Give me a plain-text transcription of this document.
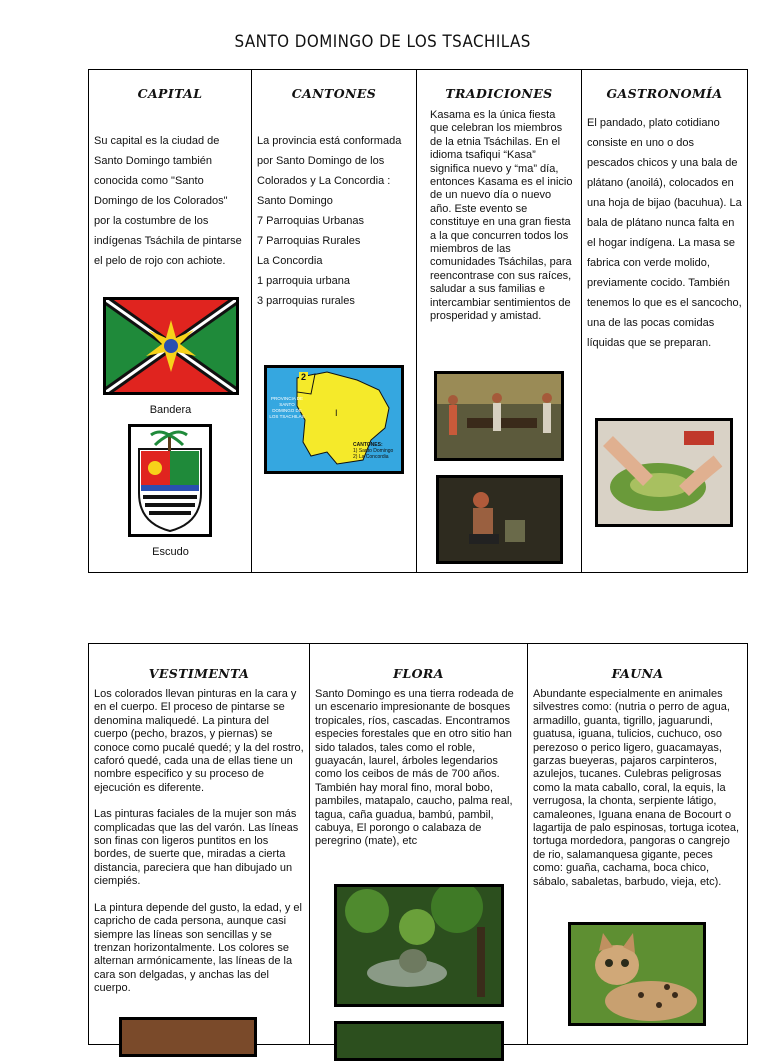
SANTO DOMINGO DE LOS TSACHILAS
CAPITAL
Su capital es la ciudad de Santo Domingo también conocida como "Santo Domingo de los Colorados" por la costumbre de los indígenas Tsáchila de pintarse el pelo de rojo con achiote.
Bandera
Escudo
CANTONES
La provincia está conformada por Santo Domingo de los Colorados y La Concordia :
Santo Domingo
7 Parroquias Urbanas
7 Parroquias Rurales
La Concordia
1 parroquia urbana
3 parroquias rurales
2
PROVINCIA DE SANTO DOMINGO DE LOS TSACHILAS	I
CANTONES:
1) Santo Domingo
2) La Concordia
TRADICIONES
Kasama es la única fiesta que celebran los miembros de la etnia Tsáchilas. En el idioma tsafiqui “Kasa” significa nuevo y “ma” día, entonces Kasama es el inicio de un nuevo día o nuevo año. Este evento se constituye en una gran fiesta a la que concurren todos los miembros de las comunidades Tsáchilas, para reencontrase con sus raíces, saludar a sus familias e intercambiar sentimientos de prosperidad y amistad.
GASTRONOMÍA
El pandado, plato cotidiano consiste en uno o dos pescados chicos y una bala de plátano (anoilá), colocados en una hoja de bijao (bacuhua). La bala de plátano nunca falta en el hogar indígena. La masa se fabrica con verde molido, previamente cocido. También tenemos lo que es el sancocho, una de las pocas comidas líquidas que se preparan.
VESTIMENTA
Los colorados llevan pinturas en la cara y en el cuerpo. El proceso de pintarse se denomina maliquedé. La pintura del cuerpo (pecho, brazos, y piernas) se conoce como pucalé quedé; y la del rostro, caforó quedé, cada una de ellas tiene un nombre especifico y su proceso de ejecución es diferente.
Las pinturas faciales de la mujer son más complicadas que las del varón. Las líneas son finas con ligeros puntitos en los bordes, de suerte que, miradas a cierta distancia, pareciera que han dibujado un ciempiés.
La pintura depende del gusto, la edad, y el capricho de cada persona, aunque casi siempre las líneas son sencillas y se trenzan horizontalmente. Los colores se alternan armónicamente, las líneas de la cara son delgadas, y anchas las del cuerpo.
FLORA
Santo Domingo es una tierra rodeada de un escenario impresionante de bosques tropicales, ríos, cascadas. Encontramos especies forestales que en otro sitio han sido talados, tales como el roble, guayacán, laurel, árboles legendarios como los ceibos de más de 700 años. También hay moral fino, moral bobo, pambiles, matapalo, caucho, palma real, tagua, caña guadua, bambú, pambil, cabuya, El porongo o calabaza de peregrino (mate), etc
FAUNA
Abundante especialmente en animales silvestres como: (nutria o perro de agua, armadillo, guanta, tigrillo, jaguarundi, guatusa, iguana, tulicios, cuchuco, oso perezoso o perico ligero, guacamayas, garzas bueyeras, pajaros carpinteros, azulejos, tucanes. Culebras peligrosas como la mata caballo, coral, la equis, la verrugosa, la chonta, serpiente látigo, camaleones, Iguana enana de Bocourt o lagartija de palo espinosas, tortuga icotea, tortuga mordedora, pangoras o cangrejo de rio, salamanquesa gigante, peces como: guaña, cachama, boca chico, sábalo, sabaletas, barbudo, vieja, etc).
